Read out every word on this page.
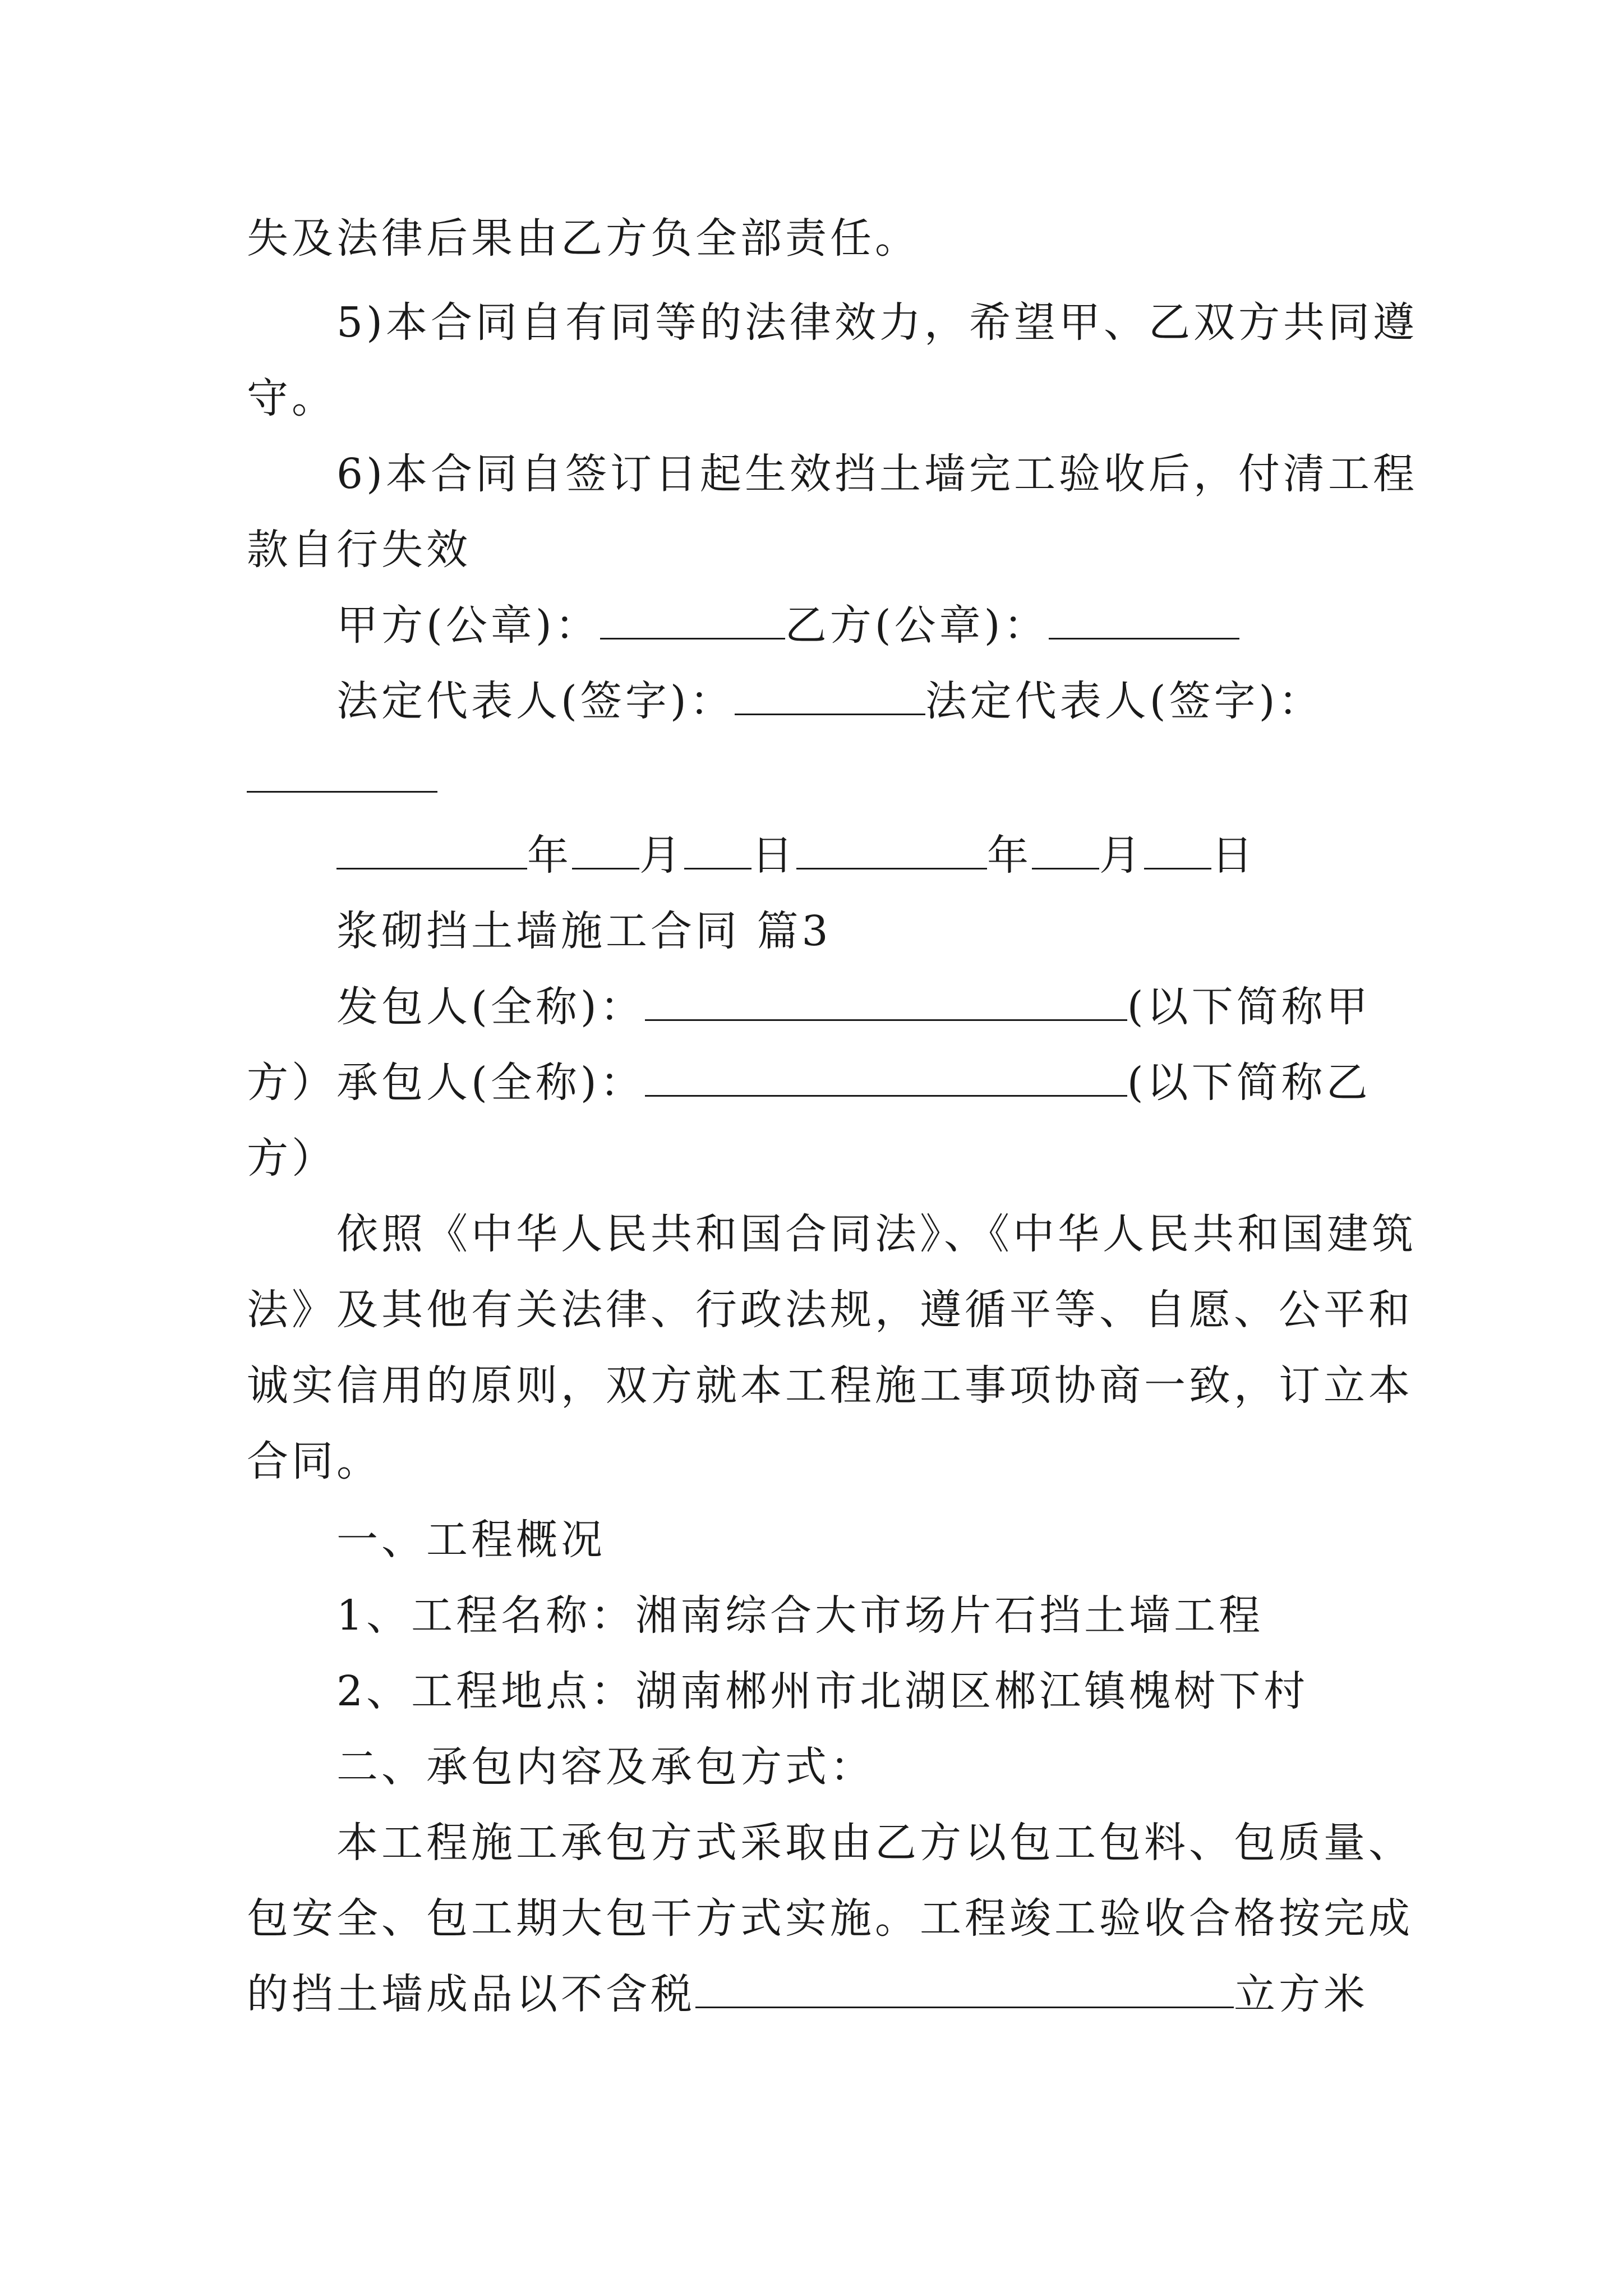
失及法律后果由乙方负全部责任。
5)本合同自有同等的法律效力，希望甲、乙双方共同遵
守。
6)本合同自签订日起生效挡土墙完工验收后，付清工程
款自行失效
甲方(公章)：	乙方(公章)：
法定代表人(签字)：	法定代表人(签字)：
年 月 日	年 月 日
浆砌挡土墙施工合同 篇3
发包人(全称)：	(以下简称甲
方）承包人(全称)：	(以下简称乙
方）
依照《中华人民共和国合同法》、《中华人民共和国建筑
法》及其他有关法律、行政法规，遵循平等、自愿、公平和
诚实信用的原则，双方就本工程施工事项协商一致，订立本
合同。
一、工程概况
1、工程名称：湘南综合大市场片石挡土墙工程
2、工程地点：湖南郴州市北湖区郴江镇槐树下村
二、承包内容及承包方式：
本工程施工承包方式采取由乙方以包工包料、包质量、
包安全、包工期大包干方式实施。工程竣工验收合格按完成
的挡土墙成品以不含税	立方米
